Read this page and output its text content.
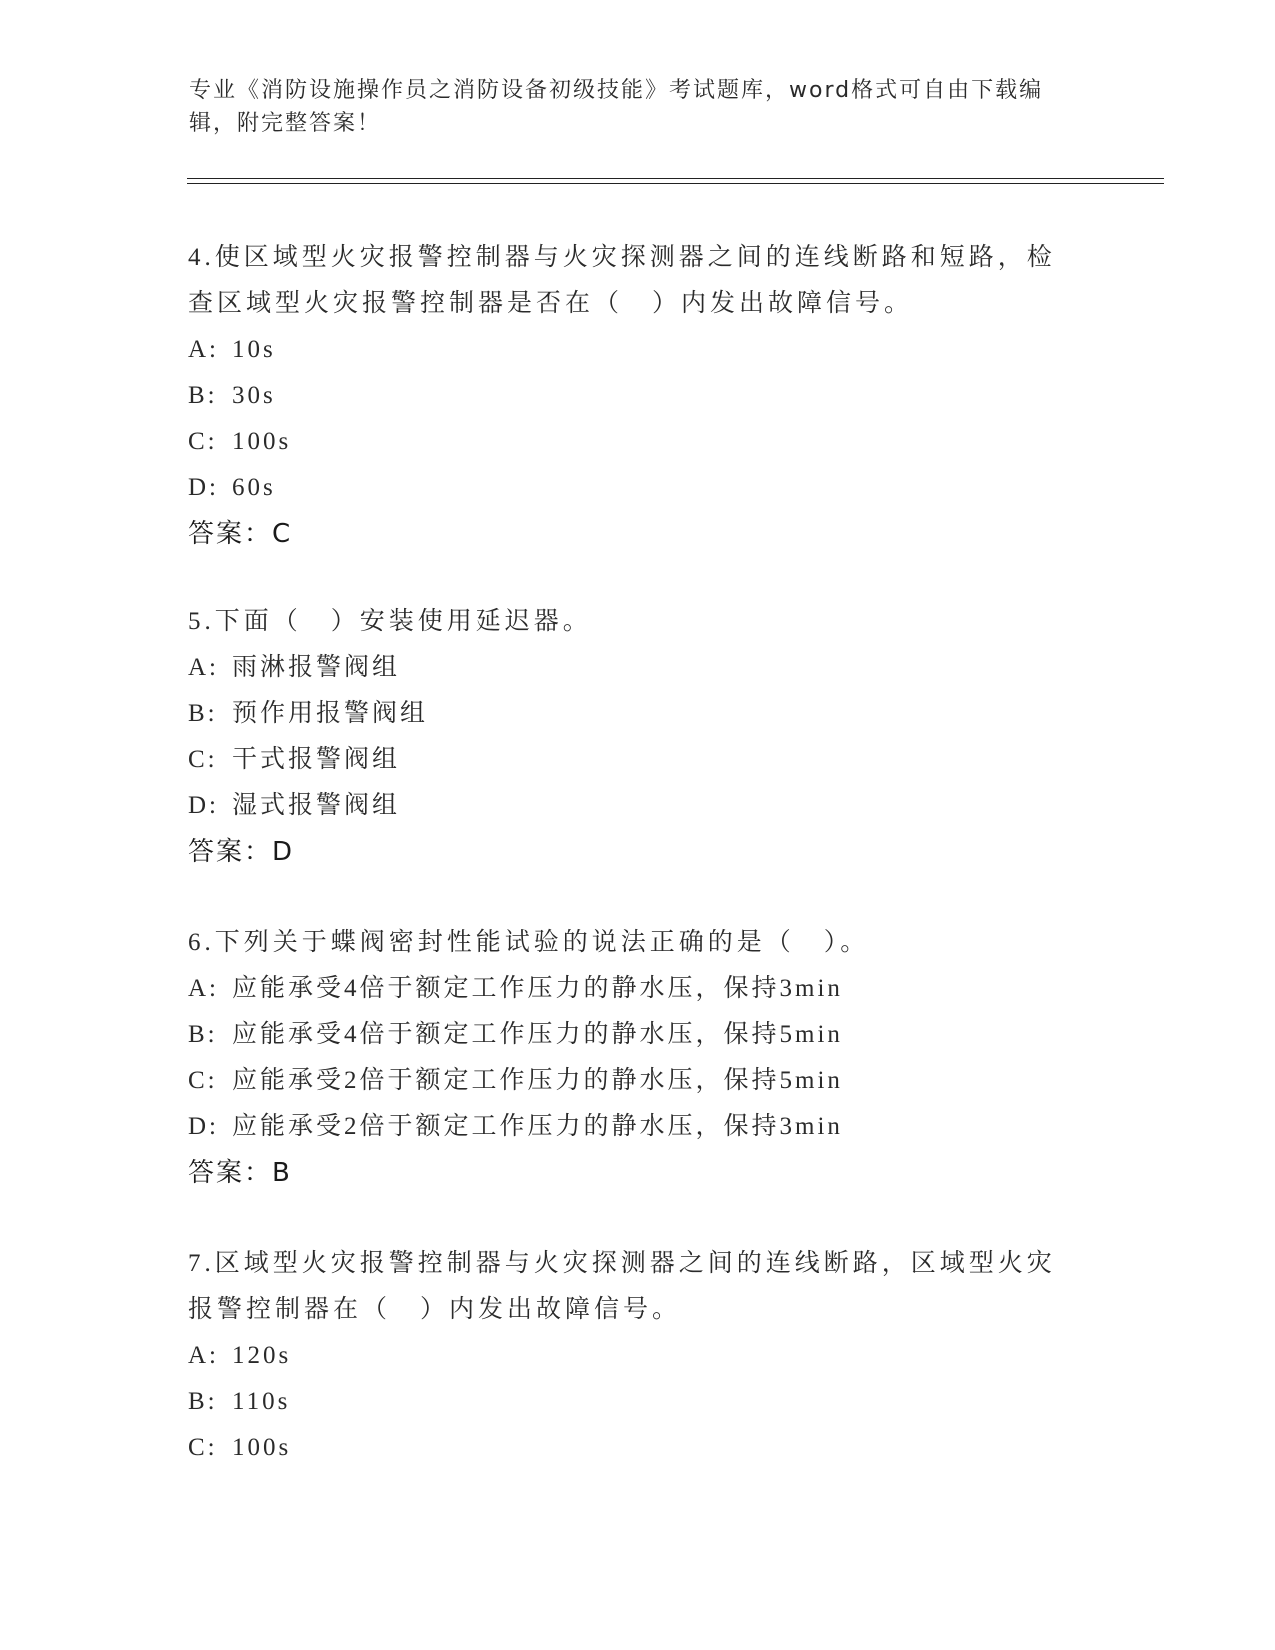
专业《消防设施操作员之消防设备初级技能》考试题库，word格式可自由下载编辑，附完整答案！

4.使区域型火灾报警控制器与火灾探测器之间的连线断路和短路，检查区域型火灾报警控制器是否在（　）内发出故障信号。

A: 10s

B: 30s

C: 100s

D: 60s

答案：C

5.下面（　）安装使用延迟器。

A: 雨淋报警阀组

B: 预作用报警阀组

C: 干式报警阀组

D: 湿式报警阀组

答案：D

6.下列关于蝶阀密封性能试验的说法正确的是（　）。

A: 应能承受4倍于额定工作压力的静水压，保持3min

B: 应能承受4倍于额定工作压力的静水压，保持5min

C: 应能承受2倍于额定工作压力的静水压，保持5min

D: 应能承受2倍于额定工作压力的静水压，保持3min

答案：B

7.区域型火灾报警控制器与火灾探测器之间的连线断路，区域型火灾报警控制器在（　）内发出故障信号。

A: 120s

B: 110s

C: 100s
